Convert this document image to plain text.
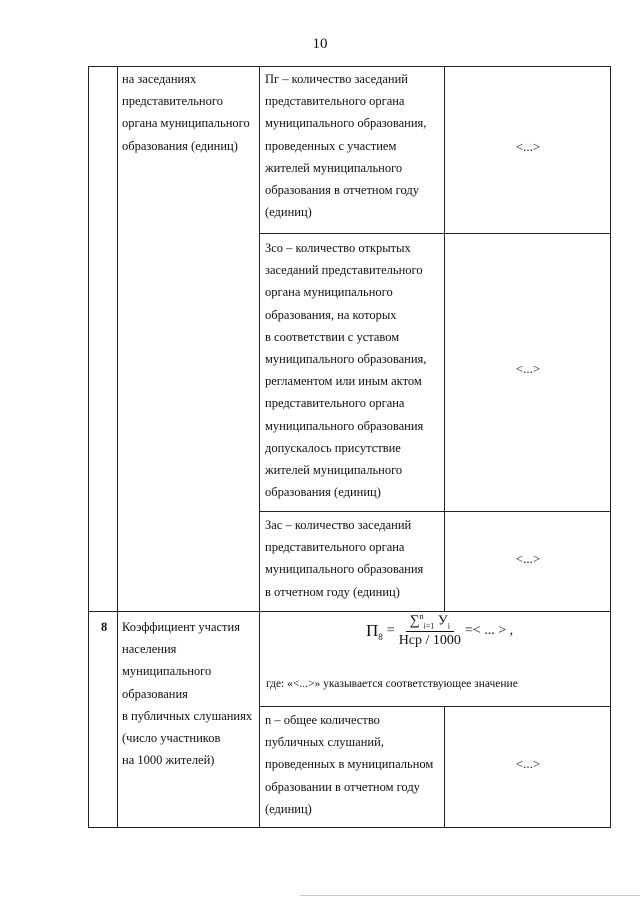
10
на заседаниях
представительного
органа муниципального
образования (единиц)
Пг – количество заседаний
представительного органа
муниципального образования,
проведенных с участием
жителей муниципального
образования в отчетном году
(единиц)
<...>
Зсо – количество открытых
заседаний представительного
органа муниципального
образования, на которых
в соответствии с уставом
муниципального образования,
регламентом или иным актом
представительного органа
муниципального образования
допускалось присутствие
жителей муниципального
образования (единиц)
<...>
Зас – количество заседаний
представительного органа
муниципального образования
в отчетном году (единиц)
<...>
8 Коэффициент участия
населения
муниципального
образования
в публичных слушаниях
(число участников
на 1000 жителей)
П $8 = \frac{\sum^n_{i=1} У_i}{\text{Нср / 1000}}$ =< ... > ,
где: «<...>» указывается соответствующее значение
n – общее количество
публичных слушаний,
проведенных в муниципальном
образовании в отчетном году
(единиц)
<...>
